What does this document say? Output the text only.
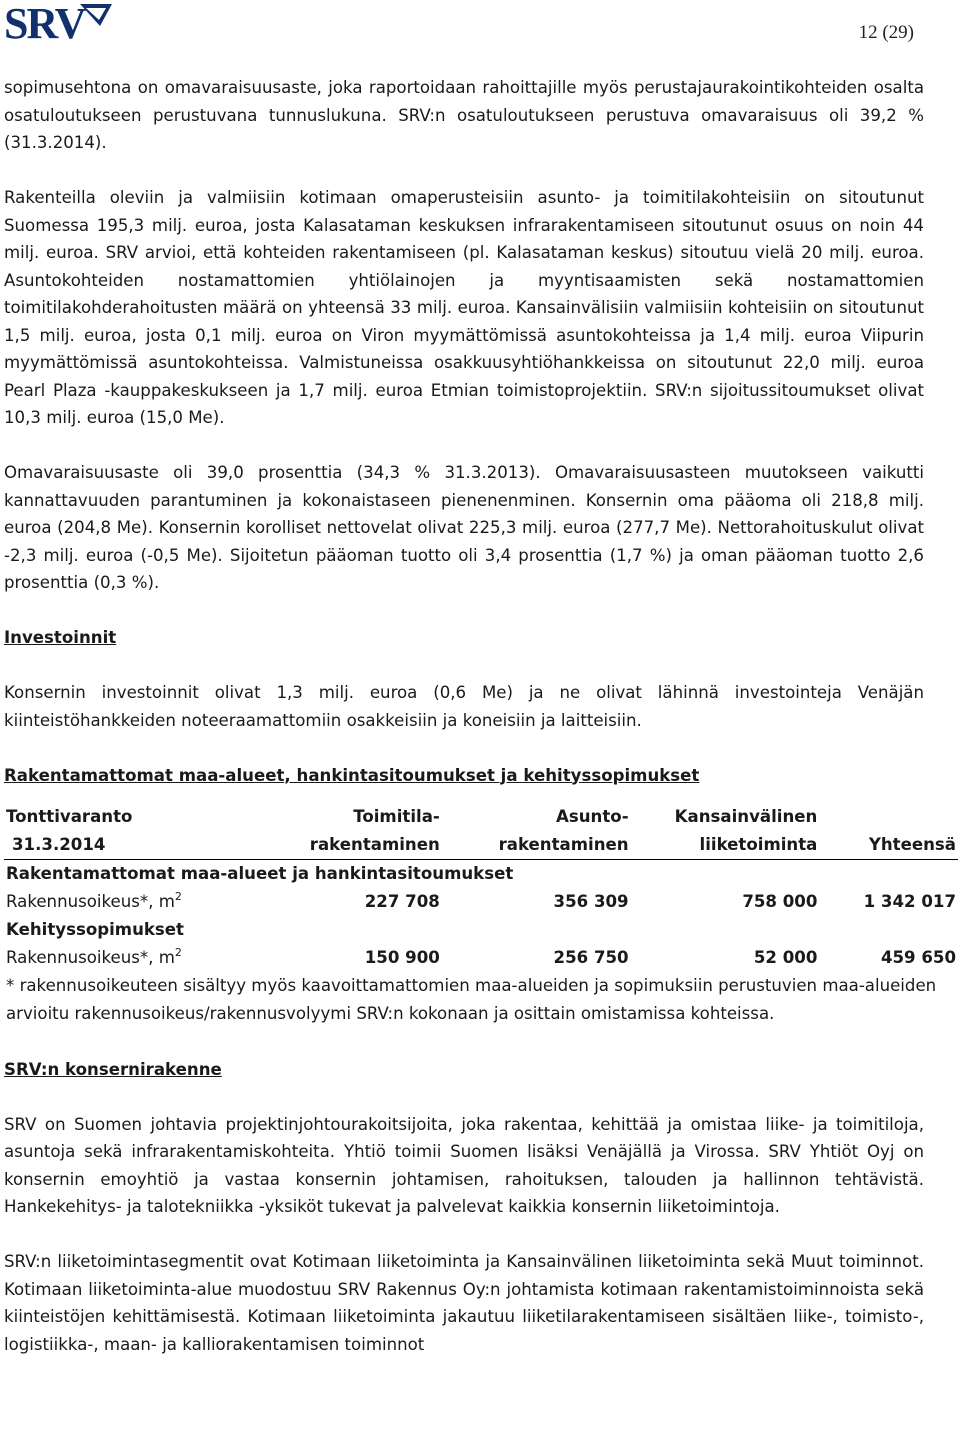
SRV	12 (29)

sopimusehtona on omavaraisuusaste, joka raportoidaan rahoittajille myös perustajaurakointikohteiden osalta osatuloutukseen perustuvana tunnuslukuna. SRV:n osatuloutukseen perustuva omavaraisuus oli 39,2 % (31.3.2014).

Rakenteilla oleviin ja valmiisiin kotimaan omaperusteisiin asunto- ja toimitilakohteisiin on sitoutunut Suomessa 195,3 milj. euroa, josta Kalasataman keskuksen infrarakentamiseen sitoutunut osuus on noin 44 milj. euroa. SRV arvioi, että kohteiden rakentamiseen (pl. Kalasataman keskus) sitoutuu vielä 20 milj. euroa. Asuntokohteiden nostamattomien yhtiölainojen ja myyntisaamisten sekä nostamattomien toimitilakohderahoitusten määrä on yhteensä 33 milj. euroa. Kansainvälisiin valmiisiin kohteisiin on sitoutunut 1,5 milj. euroa, josta 0,1 milj. euroa on Viron myymättömissä asuntokohteissa ja 1,4 milj. euroa Viipurin myymättömissä asuntokohteissa. Valmistuneissa osakkuusyhtiöhankkeissa on sitoutunut 22,0 milj. euroa Pearl Plaza -kauppakeskukseen ja 1,7 milj. euroa Etmian toimistoprojektiin. SRV:n sijoitussitoumukset olivat 10,3 milj. euroa (15,0 Me).

Omavaraisuusaste oli 39,0 prosenttia (34,3 % 31.3.2013). Omavaraisuusasteen muutokseen vaikutti kannattavuuden parantuminen ja kokonaistaseen pienenenminen. Konsernin oma pääoma oli 218,8 milj. euroa (204,8 Me). Konsernin korolliset nettovelat olivat 225,3 milj. euroa (277,7 Me). Nettorahoituskulut olivat -2,3 milj. euroa (-0,5 Me). Sijoitetun pääoman tuotto oli 3,4 prosenttia (1,7 %) ja oman pääoman tuotto 2,6 prosenttia (0,3 %).

Investoinnit

Konsernin investoinnit olivat 1,3 milj. euroa (0,6 Me) ja ne olivat lähinnä investointeja Venäjän kiinteistöhankkeiden noteeraamattomiin osakkeisiin ja koneisiin ja laitteisiin.

Rakentamattomat maa-alueet, hankintasitoumukset ja kehityssopimukset
Tonttivaranto	Toimitila-	Asunto-	Kansainvälinen	
31.3.2014	rakentaminen	rakentaminen	liiketoiminta	Yhteensä
Rakentamattomat maa-alueet ja hankintasitoumukset				
Rakennusoikeus*, $m^2$	227 708	356 309	758 000	1 342 017
Kehityssopimukset				
Rakennusoikeus*, $m^2$	150 900	256 750	52 000	459 650
* rakennusoikeuteen sisältyy myös kaavoittamattomien maa-alueiden ja sopimuksiin perustuvien maa-alueiden arvioitu rakennusoikeus/rakennusvolyymi SRV:n kokonaan ja osittain omistamissa kohteissa.				
SRV:n konsernirakenne

SRV on Suomen johtavia projektinjohtourakoitsijoita, joka rakentaa, kehittää ja omistaa liike- ja toimitiloja, asuntoja sekä infrarakentamiskohteita. Yhtiö toimii Suomen lisäksi Venäjällä ja Virossa. SRV Yhtiöt Oyj on konsernin emoyhtiö ja vastaa konsernin johtamisen, rahoituksen, talouden ja hallinnon tehtävistä. Hankekehitys- ja talotekniikka -yksiköt tukevat ja palvelevat kaikkia konsernin liiketoimintoja.

SRV:n liiketoimintasegmentit ovat Kotimaan liiketoiminta ja Kansainvälinen liiketoiminta sekä Muut toiminnot. Kotimaan liiketoiminta-alue muodostuu SRV Rakennus Oy:n johtamista kotimaan rakentamistoiminnoista sekä kiinteistöjen kehittämisestä. Kotimaan liiketoiminta jakautuu liiketilarakentamiseen sisältäen liike-, toimisto-, logistiikka-, maan- ja kalliorakentamisen toiminnot
